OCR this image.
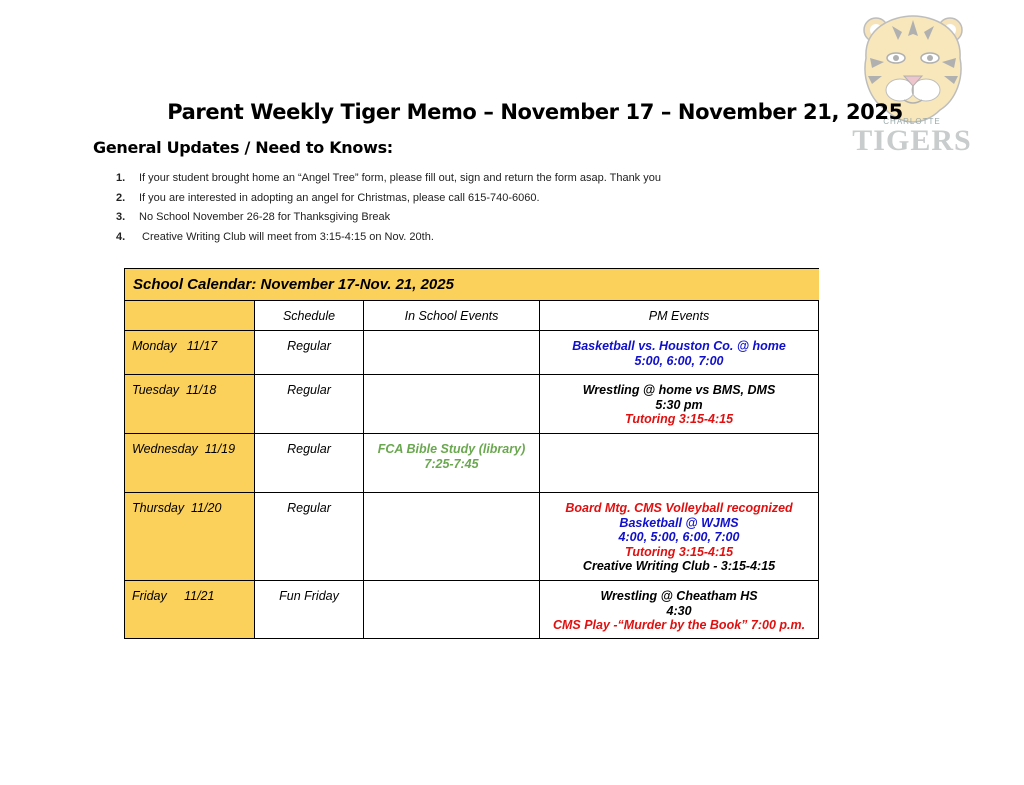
CHARLOTTE
TIGERS
Parent Weekly Tiger Memo – November 17 – November 21, 2025
General Updates / Need to Knows:
1.	If your student brought home an “Angel Tree” form, please fill out, sign and return the form asap. Thank you
2.	If you are interested in adopting an angel for Christmas, please call 615-740-6060.
3.	No School November 26-28 for Thanksgiving Break
4.	Creative Writing Club will meet from 3:15-4:15 on Nov. 20th.
School Calendar: November 17-Nov. 21, 2025			
	Schedule	In School Events	PM Events
Monday   11/17	Regular		Basketball vs. Houston Co. @ home
5:00, 6:00, 7:00

Tuesday  11/18	Regular		Wrestling @ home vs BMS, DMS
5:30 pm
Tutoring 3:15-4:15

Wednesday  11/19	Regular	FCA Bible Study (library)
7:25-7:45	

Thursday  11/20	Regular		Board Mtg. CMS Volleyball recognized
Basketball @ WJMS
4:00, 5:00, 6:00, 7:00
Tutoring 3:15-4:15
Creative Writing Club - 3:15-4:15

Friday     11/21	Fun Friday		Wrestling @ Cheatham HS
4:30
CMS Play -“Murder by the Book” 7:00 p.m.
